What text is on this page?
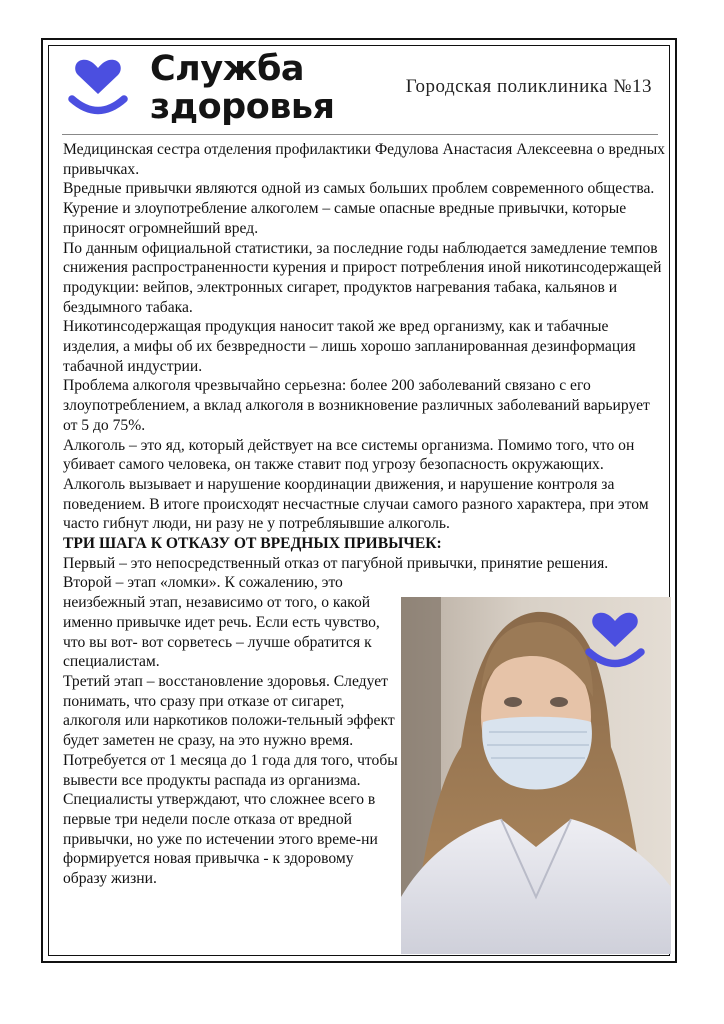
Служба
здоровья
Городская поликлиника №13

Медицинская сестра отделения профилактики Федулова Анастасия Алексеевна о вредных привычках.

Вредные привычки являются одной из самых больших проблем современного общества. Курение и злоупотребление алкоголем – самые опасные вредные привычки, которые приносят огромнейший вред.

По данным официальной статистики, за последние годы наблюдается замедление темпов снижения распространенности курения и прирост потребления иной никотинсодержащей продукции: вейпов, электронных сигарет, продуктов нагревания табака, кальянов и бездымного табака.

Никотинсодержащая продукция наносит такой же вред организму, как и табачные изделия, а мифы об их безвредности – лишь хорошо запланированная дезинформация табачной индустрии.

Проблема алкоголя чрезвычайно серьезна: более 200 заболеваний связано с его злоупотреблением, а вклад алкоголя в возникновение различных заболеваний варьирует от 5 до 75%.

Алкоголь – это яд, который действует на все системы организма. Помимо того, что он убивает самого человека, он также ставит под угрозу безопасность окружающих. Алкоголь вызывает и нарушение координации движения, и нарушение контроля за поведением. В итоге происходят несчастные случаи самого разного характера, при этом часто гибнут люди, ни разу не у потребляывшие алкоголь.

ТРИ ШАГА К ОТКАЗУ ОТ ВРЕДНЫХ ПРИВЫЧЕК:

Первый – это непосредственный отказ от пагубной привычки, принятие решения.

Второй – этап «ломки». К сожалению, это неизбежный этап, независимо от того, о какой именно привычке идет речь. Если есть чувство, что вы вот- вот сорветесь – лучше обратится к специалистам.

Третий этап – восстановление здоровья. Следует понимать, что сразу при отказе от сигарет, алкоголя или наркотиков положи-тельный эффект будет заметен не сразу, на это нужно время. Потребуется от 1 месяца до 1 года для того, чтобы вывести все продукты распада из организма.

Специалисты утверждают, что сложнее всего в первые три недели после отказа от вредной привычки, но уже по истечении этого време-ни формируется новая привычка - к здоровому образу жизни.
